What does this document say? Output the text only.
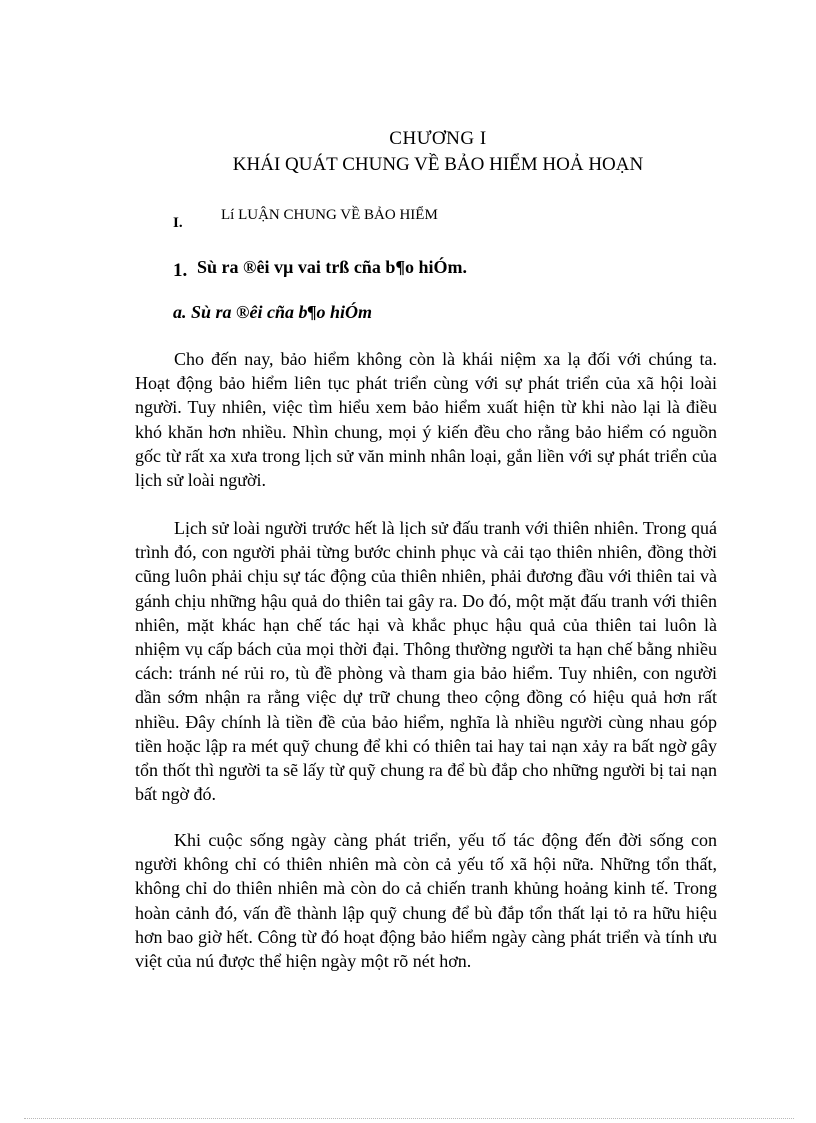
CHƯƠNG I
KHÁI QUÁT CHUNG VỀ BẢO HIỂM HOẢ HOẠN
I.	Lí LUẬN CHUNG VỀ BẢO HIỂM
1. Sù ra ®êi vµ vai trß cña b¶o hiÓm.
a. Sù ra ®êi cña b¶o hiÓm

Cho đến nay, bảo hiểm không còn là khái niệm xa lạ đối với chúng ta. Hoạt động bảo hiểm liên tục phát triển cùng với sự phát triển của xã hội loài người. Tuy nhiên, việc tìm hiểu xem bảo hiểm xuất hiện từ khi nào lại là điều khó khăn hơn nhiều. Nhìn chung, mọi ý kiến đều cho rằng bảo hiểm có nguồn gốc từ rất xa xưa trong lịch sử văn minh nhân loại, gắn liền với sự phát triển của lịch sử loài người.

Lịch sử loài người trước hết là lịch sử đấu tranh với thiên nhiên. Trong quá trình đó, con người phải từng bước chinh phục và cải tạo thiên nhiên, đồng thời cũng luôn phải chịu sự tác động của thiên nhiên, phải đương đầu với thiên tai và gánh chịu những hậu quả do thiên tai gây ra. Do đó, một mặt đấu tranh với thiên nhiên, mặt khác hạn chế tác hại và khắc phục hậu quả của thiên tai luôn là nhiệm vụ cấp bách của mọi thời đại. Thông thường người ta hạn chế bằng nhiều cách: tránh né rủi ro, tù đề phòng và tham gia bảo hiểm. Tuy nhiên, con người dần sớm nhận ra rằng việc dự trữ chung theo cộng đồng có hiệu quả hơn rất nhiều. Đây chính là tiền đề của bảo hiểm, nghĩa là nhiều người cùng nhau góp tiền hoặc lập ra mét quỹ chung để khi có thiên tai hay tai nạn xảy ra bất ngờ gây tổn thốt thì người ta sẽ lấy từ quỹ chung ra để bù đắp cho những người bị tai nạn bất ngờ đó.

Khi cuộc sống ngày càng phát triển, yếu tố tác động đến đời sống con người không chỉ có thiên nhiên mà còn cả yếu tố xã hội nữa. Những tổn thất, không chỉ do thiên nhiên mà còn do cả chiến tranh khủng hoảng kinh tế. Trong hoàn cảnh đó, vấn đề thành lập quỹ chung để bù đắp tổn thất lại tỏ ra hữu hiệu hơn bao giờ hết. Công từ đó hoạt động bảo hiểm ngày càng phát triển và tính ưu việt của nú được thể hiện ngày một rõ nét hơn.
